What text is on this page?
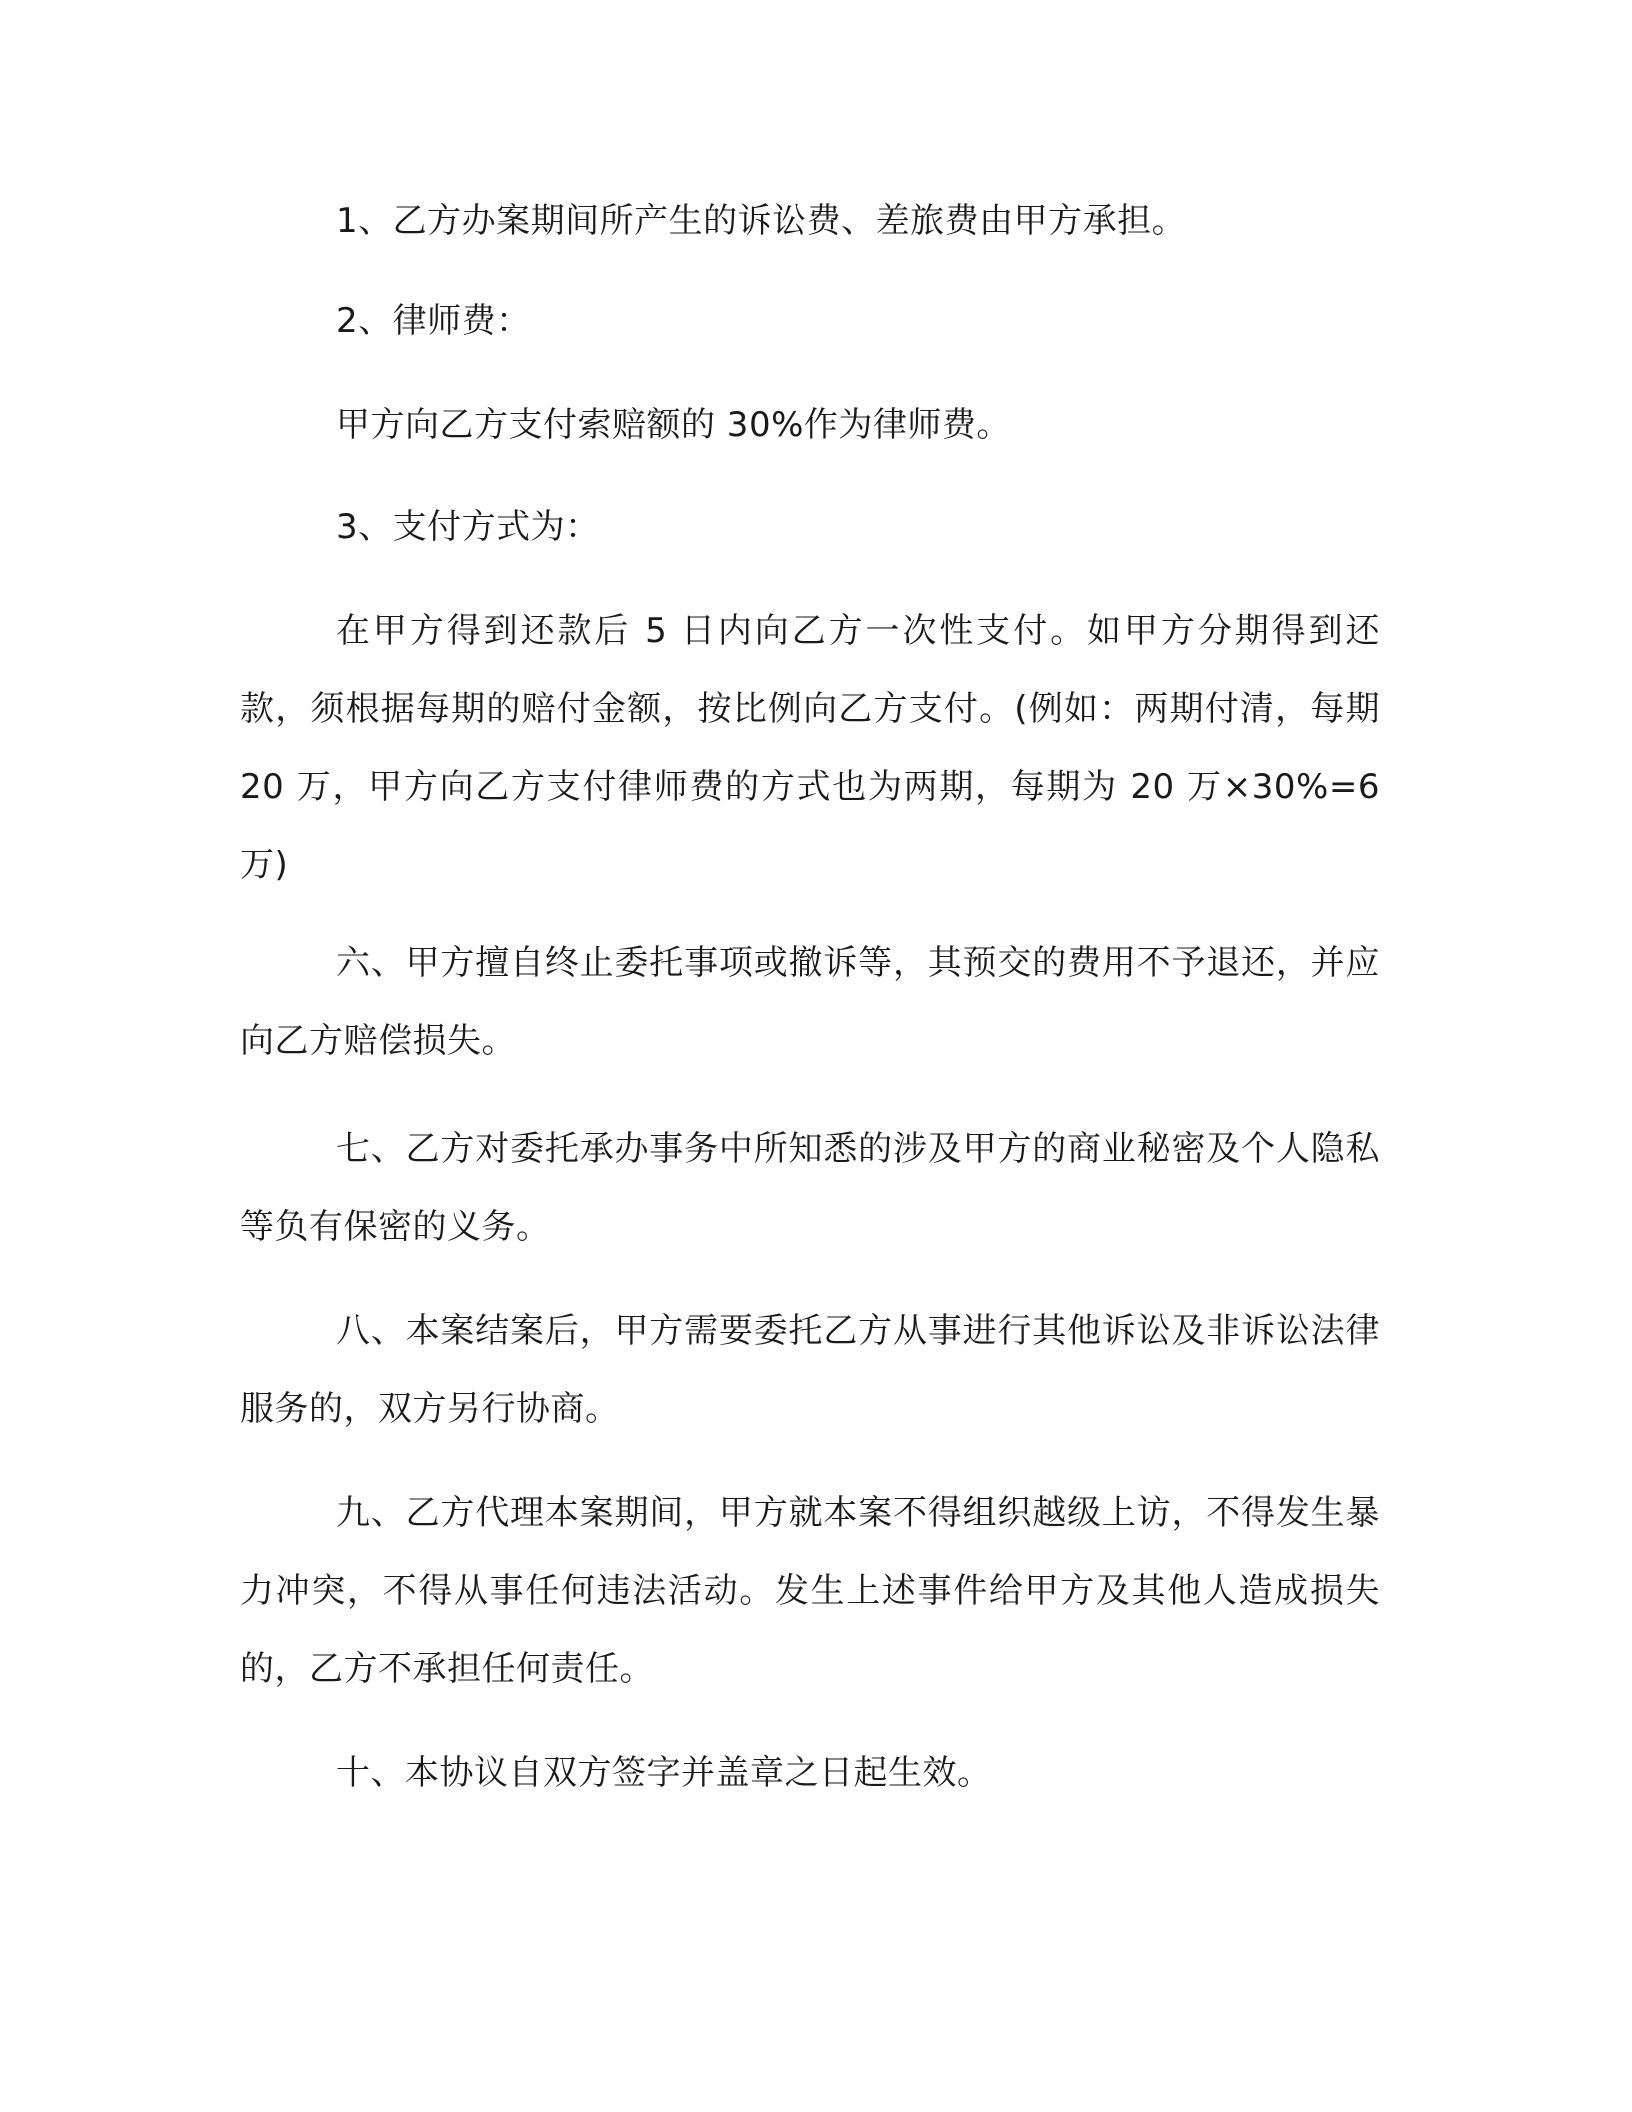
1、乙方办案期间所产生的诉讼费、差旅费由甲方承担。

2、律师费：

甲方向乙方支付索赔额的 30%作为律师费。

3、支付方式为：

在甲方得到还款后 5 日内向乙方一次性支付。如甲方分期得到还款，须根据每期的赔付金额，按比例向乙方支付。(例如：两期付清，每期 20 万，甲方向乙方支付律师费的方式也为两期，每期为 20 万×30%=6 万)

六、甲方擅自终止委托事项或撤诉等，其预交的费用不予退还，并应向乙方赔偿损失。

七、乙方对委托承办事务中所知悉的涉及甲方的商业秘密及个人隐私等负有保密的义务。

八、本案结案后，甲方需要委托乙方从事进行其他诉讼及非诉讼法律服务的，双方另行协商。

九、乙方代理本案期间，甲方就本案不得组织越级上访，不得发生暴力冲突，不得从事任何违法活动。发生上述事件给甲方及其他人造成损失的，乙方不承担任何责任。

十、本协议自双方签字并盖章之日起生效。
